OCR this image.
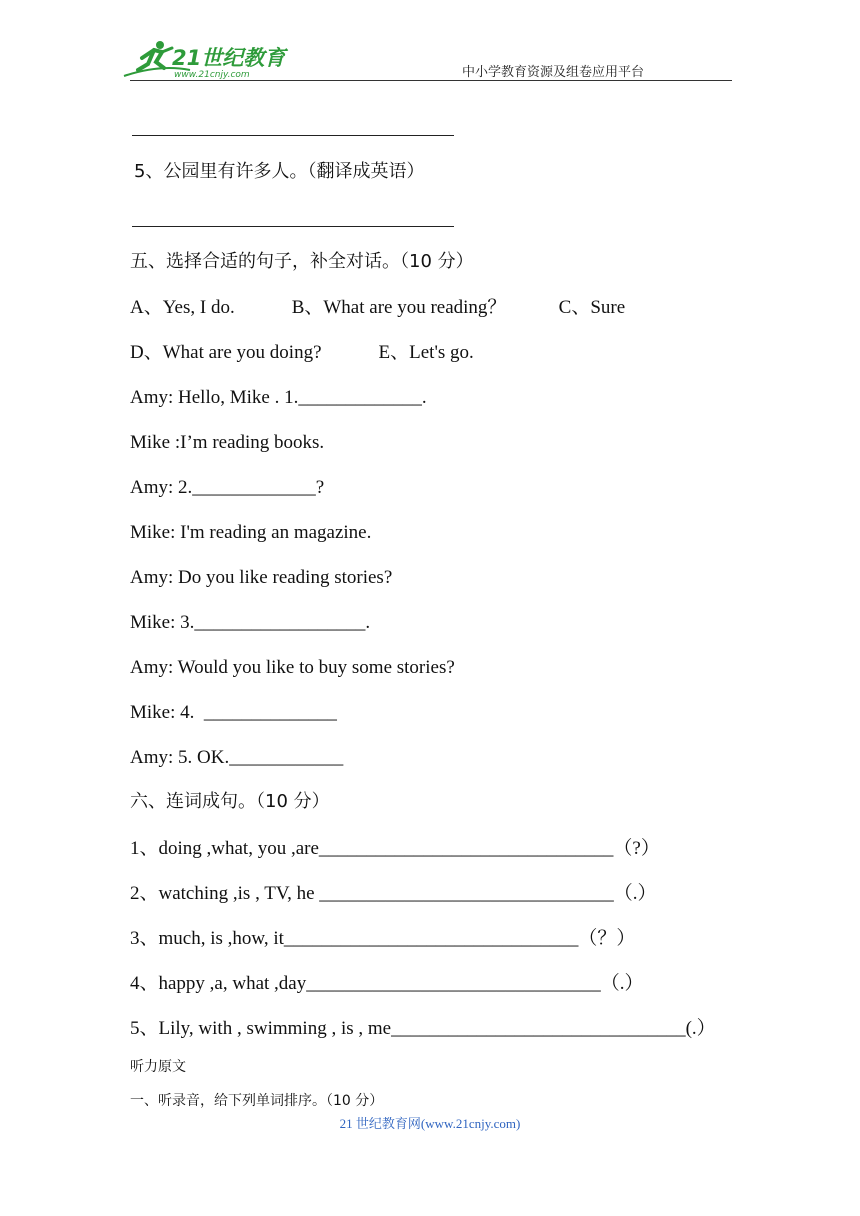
21世纪教育
www.21cnjy.com	中小学教育资源及组卷应用平台
5、公园里有许多人。（翻译成英语）
五、选择合适的句子，补全对话。（10 分）
A、Yes, I do.            B、What are you reading？           C、Sure
D、What are you doing?            E、Let's go.
Amy: Hello, Mike . 1._____________.
Mike :I’m reading books.
Amy: 2._____________?
Mike: I'm reading an magazine.
Amy: Do you like reading stories?
Mike: 3.__________________.
Amy: Would you like to buy some stories?
Mike: 4.  ______________
Amy: 5. OK.____________
六、连词成句。（10 分）
1、doing ,what, you ,are_______________________________（?）
2、watching ,is , TV, he _______________________________（.）
3、much, is ,how, it_______________________________（？）
4、happy ,a, what ,day_______________________________（.）
5、Lily, with , swimming , is , me_______________________________(.）
听力原文
一、听录音，给下列单词排序。（10 分）
21 世纪教育网(www.21cnjy.com)
